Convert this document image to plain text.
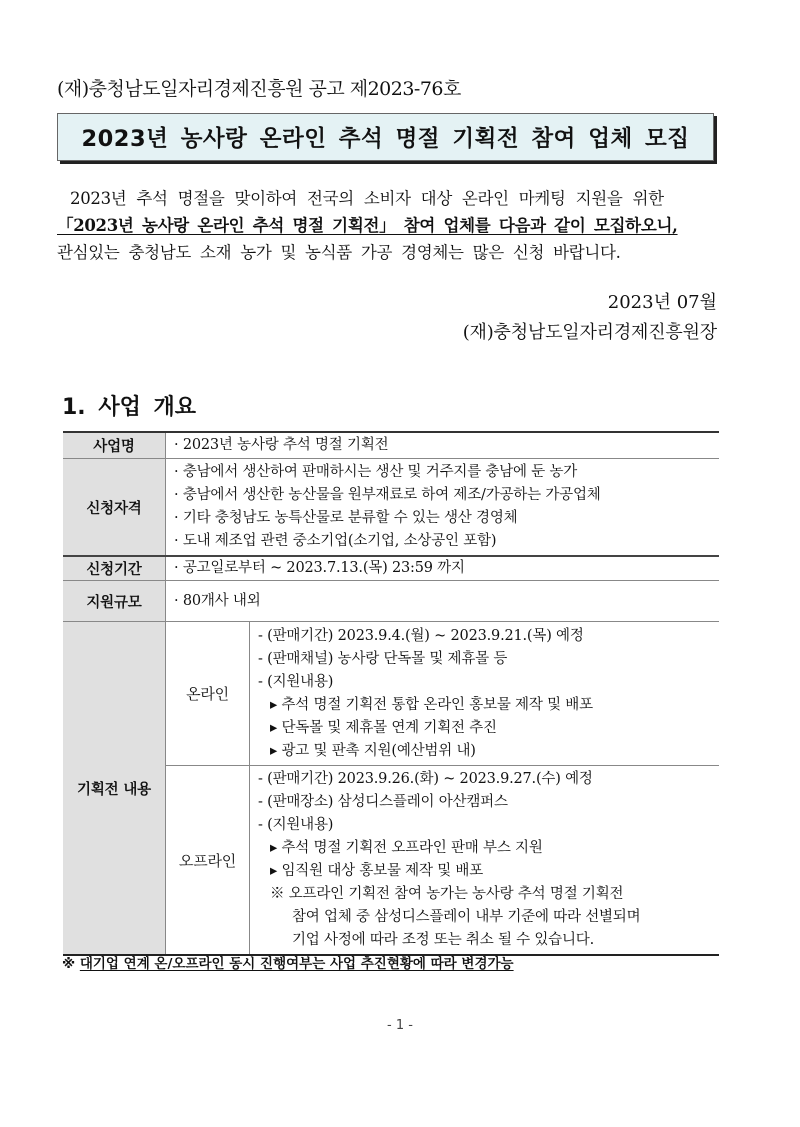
(재)충청남도일자리경제진흥원 공고 제2023-76호
2023년 농사랑 온라인 추석 명절 기획전 참여 업체 모집

2023년 추석 명절을 맞이하여 전국의 소비자 대상 온라인 마케팅 지원을 위한

「2023년 농사랑 온라인 추석 명절 기획전」 참여 업체를 다음과 같이 모집하오니,

관심있는 충청남도 소재 농가 및 농식품 가공 경영체는 많은 신청 바랍니다.

2023년 07월
(재)충청남도일자리경제진흥원장
1. 사업 개요
사업명	· 2023년 농사랑 추석 명절 기획전	

신청자격	· 충남에서 생산하여 판매하시는 생산 및 거주지를 충남에 둔 농가
· 충남에서 생산한 농산물을 원부재료로 하여 제조/가공하는 가공업체
· 기타 충청남도 농특산물로 분류할 수 있는 생산 경영체
· 도내 제조업 관련 중소기업(소기업, 소상공인 포함)	

신청기간	· 공고일로부터 ~ 2023.7.13.(목) 23:59 까지	

지원규모	· 80개사 내외	

기획전 내용	온라인	
- (판매기간) 2023.9.4.(월) ~ 2023.9.21.(목) 예정
- (판매채널) 농사랑 단독몰 및 제휴몰 등
- (지원내용)
▸ 추석 명절 기획전 통합 온라인 홍보물 제작 및 배포
▸ 단독몰 및 제휴몰 연계 기획전 추진
▸ 광고 및 판촉 지원(예산범위 내)

오프라인	
- (판매기간) 2023.9.26.(화) ~ 2023.9.27.(수) 예정
- (판매장소) 삼성디스플레이 아산캠퍼스
- (지원내용)
▸ 추석 명절 기획전 오프라인 판매 부스 지원
▸ 임직원 대상 홍보물 제작 및 배포
※ 오프라인 기획전 참여 농가는 농사랑 추석 명절 기획전
참여 업체 중 삼성디스플레이 내부 기준에 따라 선별되며
기업 사정에 따라 조정 또는 취소 될 수 있습니다.
※ 대기업 연계 온/오프라인 동시 진행여부는 사업 추진현황에 따라 변경가능
- 1 -
